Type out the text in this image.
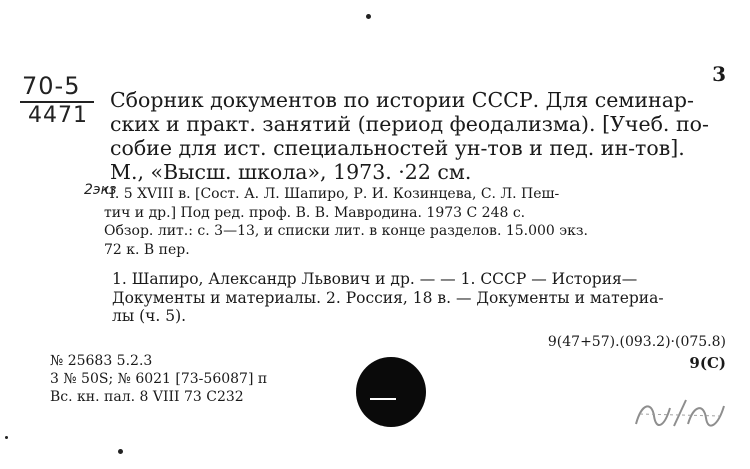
70-5
4471
3

Сборник документов по истории СССР. Для семинар-

ских и практ. занятий (период феодализма). [Учеб. по-

собие для ист. специальностей ун-тов и пед. ин-тов].

М., «Высш. школа», 1973. ·22 см.

2экз

Ч. 5 XVIII в. [Сост. А. Л. Шапиро, Р. И. Козинцева, С. Л. Пеш-

тич и др.] Под ред. проф. В. В. Мавродина. 1973 С 248 с.

Обзор. лит.: с. 3—13, и списки лит. в конце разделов. 15.000 экз.

72 к. В пер.

1. Шапиро, Александр Львович и др. — — 1. СССР — История—

Документы и материалы. 2. Россия, 18 в. — Документы и материа-

лы (ч. 5).

9(47+57).(093.2)·(075.8)
9(C)

№ 25683 5.2.3

3 № 50S; № 6021 [73-56087] п

Вс. кн. пал. 8 VIII 73 С232
